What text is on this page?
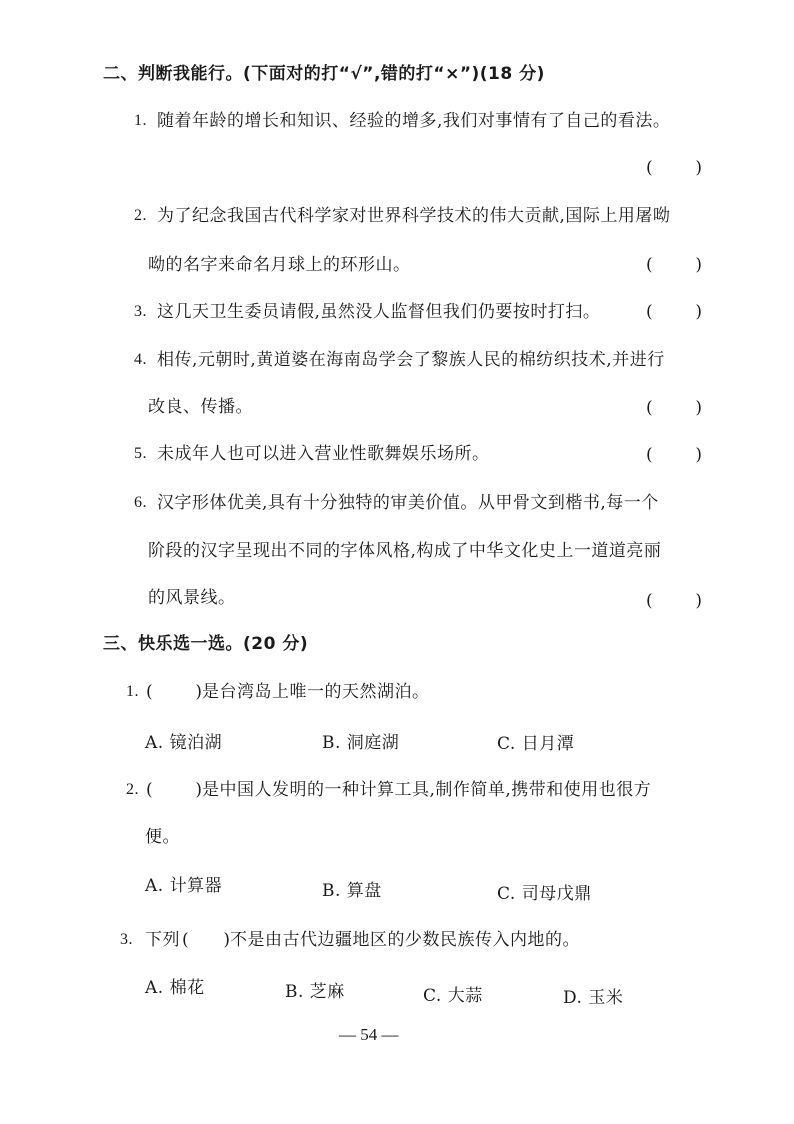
二、判断我能行。(下面对的打“√”,错的打“×”)(18 分)
1. 随着年龄的增长和知识、经验的增多,我们对事情有了自己的看法。
(	)
2. 为了纪念我国古代科学家对世界科学技术的伟大贡献,国际上用屠呦
呦的名字来命名月球上的环形山。	(	)
3. 这几天卫生委员请假,虽然没人监督但我们仍要按时打扫。	(	)
4. 相传,元朝时,黄道婆在海南岛学会了黎族人民的棉纺织技术,并进行
改良、传播。	(	)
5. 未成年人也可以进入营业性歌舞娱乐场所。	(	)
6. 汉字形体优美,具有十分独特的审美价值。从甲骨文到楷书,每一个
阶段的汉字呈现出不同的字体风格,构成了中华文化史上一道道亮丽
的风景线。	(	)
三、快乐选一选。(20 分)
1. (	) 是台湾岛上唯一的天然湖泊。
A. 镜泊湖	B. 洞庭湖	C. 日月潭
2. (	) 是中国人发明的一种计算工具,制作简单,携带和使用也很方
便。
A. 计算器	B. 算盘	C. 司母戊鼎
3. 下列 ( ) 不是由古代边疆地区的少数民族传入内地的。
A. 棉花	B. 芝麻	C. 大蒜	D. 玉米
— 54 —
